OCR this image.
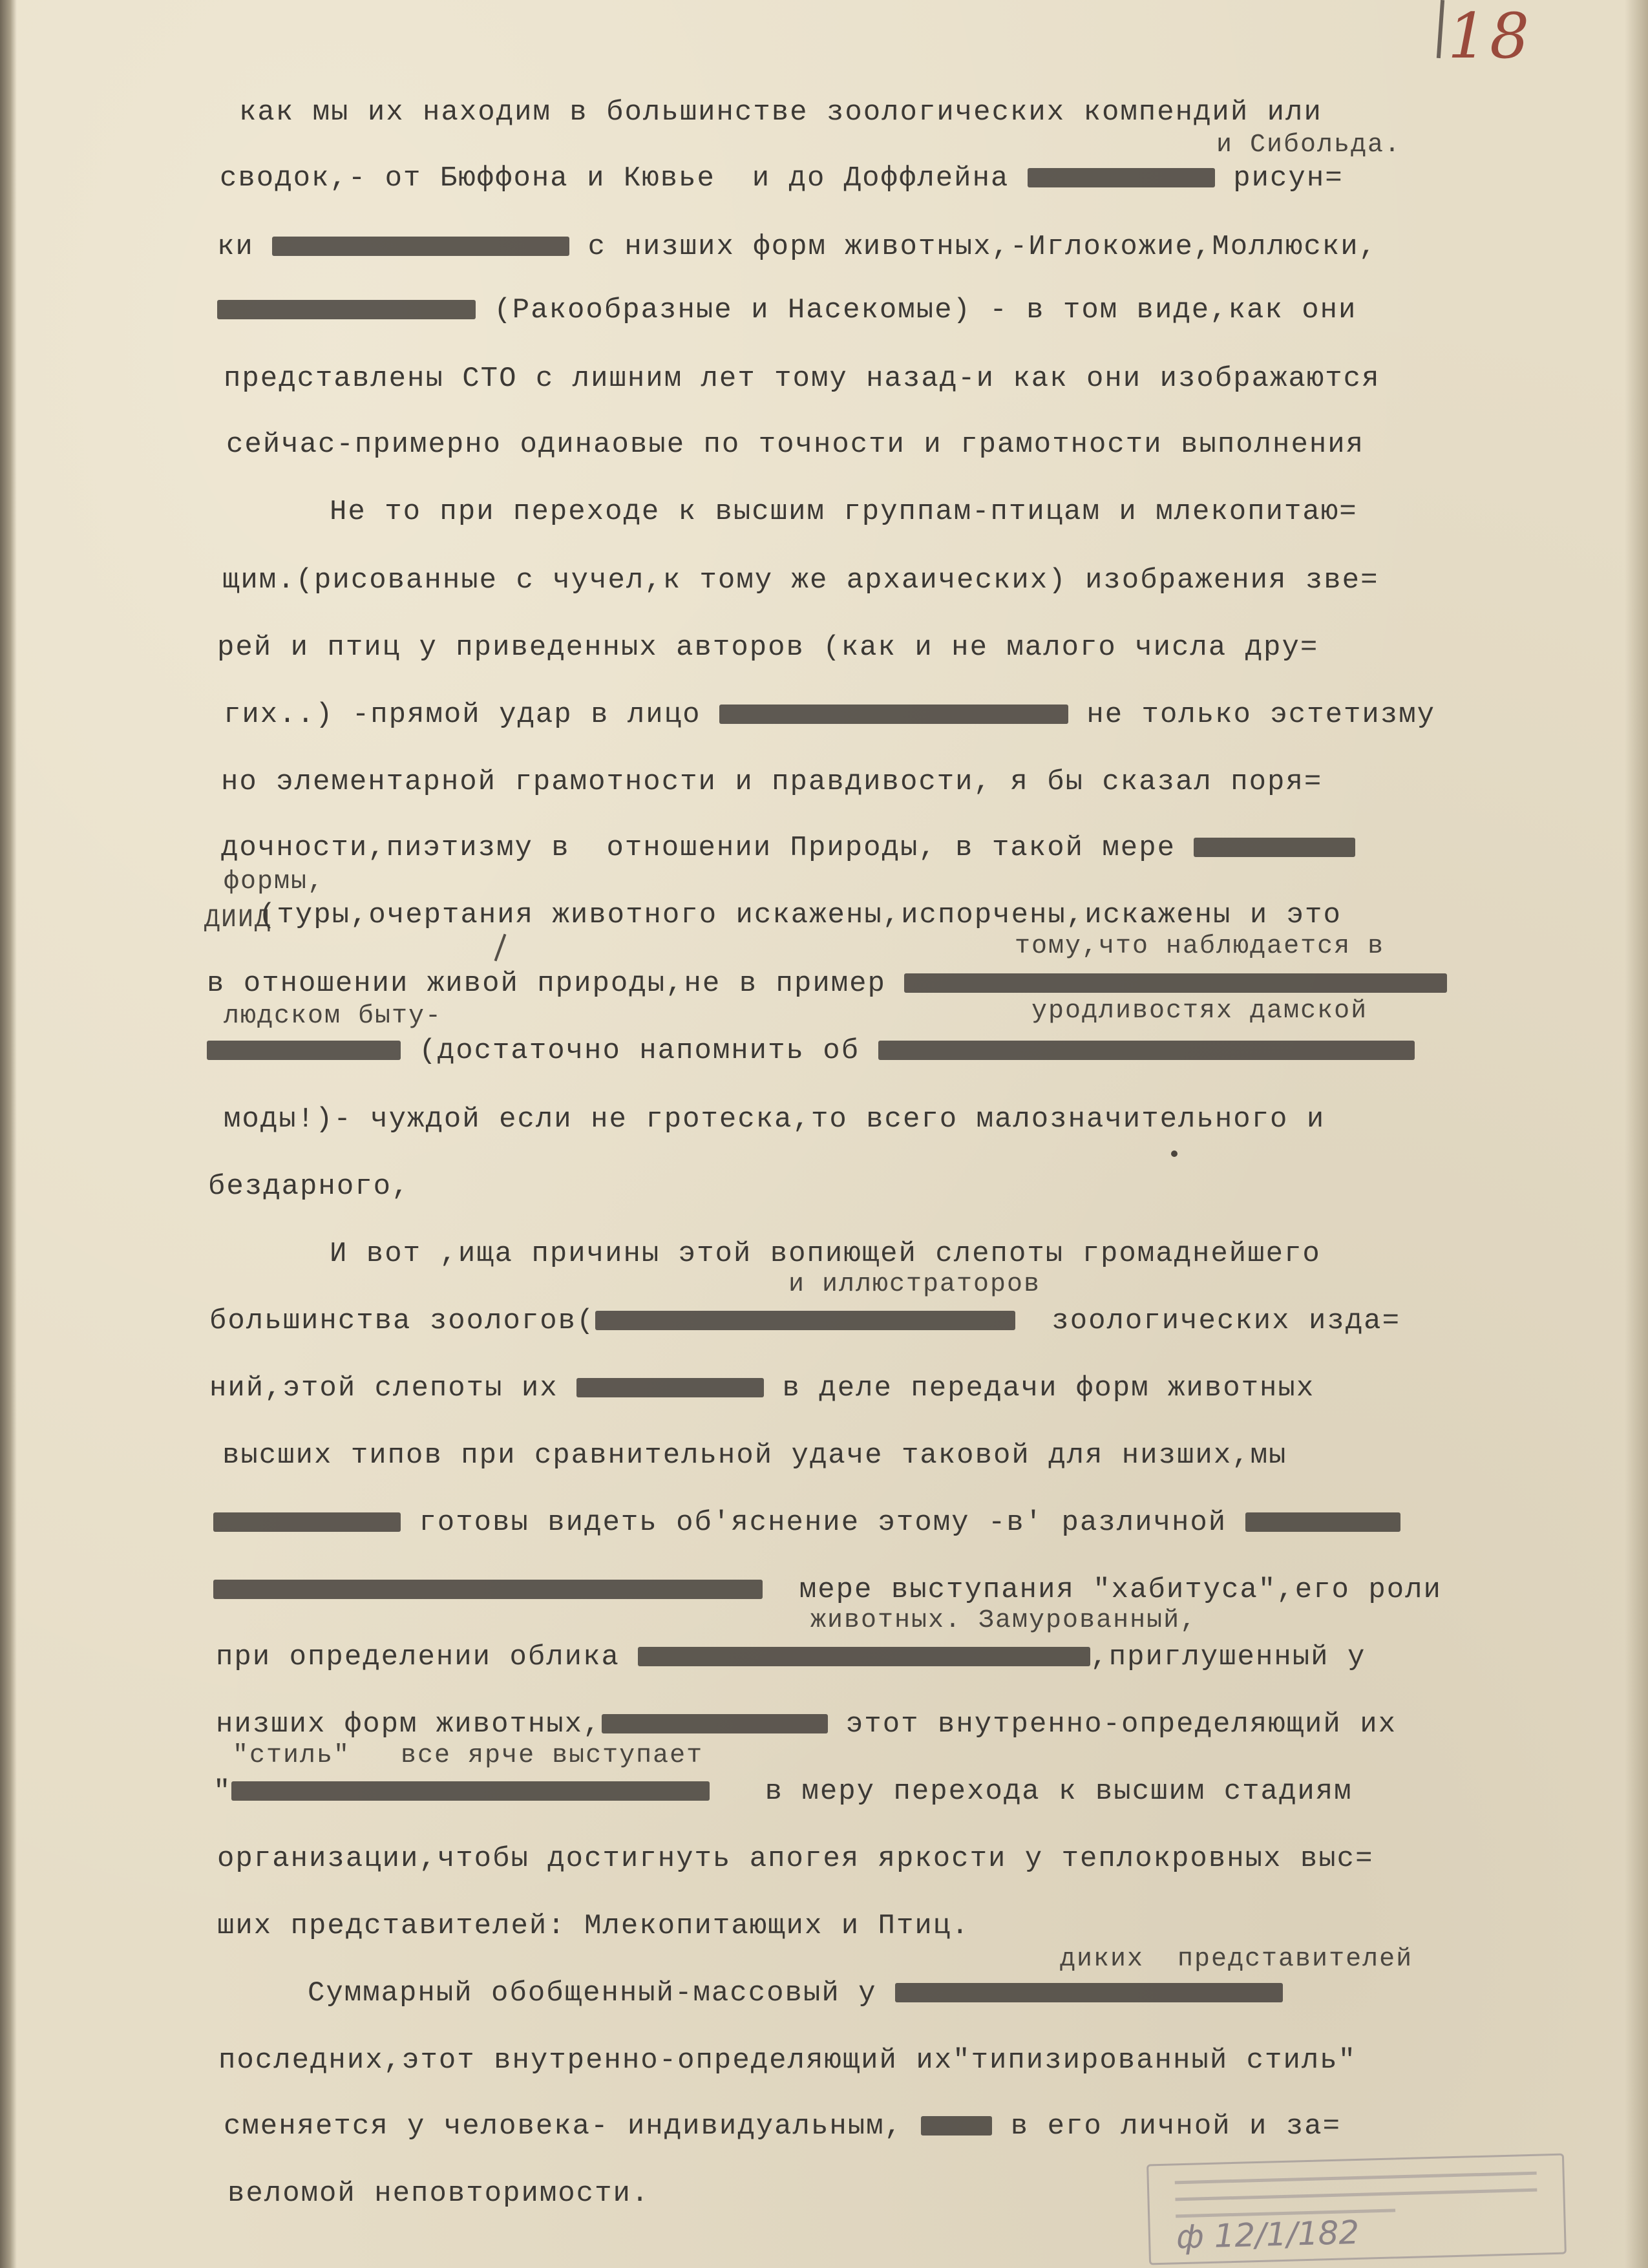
18

как мы их находим в большинстве зоологических компендий или

и Сибольда.

сводок,- от Бюффона и Кювье  и до Доффлейна	рисун=

ки	с низших форм животных,-Иглокожие,Моллюски,

(Ракообразные и Насекомые) - в том виде,как они

представлены СТО с лишним лет тому назад-и как они изображаются

сейчас-примерно одинаовые по точности и грамотности выполнения

Не то при переходе к высшим группам-птицам и млекопитаю=

щим.(рисованные с чучел,к тому же архаических) изображения зве=

рей и птиц у приведенных авторов (как и не малого числа дру=

гих..) -прямой удар в лицо	не только эстетизму

но элементарной грамотности и правдивости, я бы сказал поря=

дочности,пиэтизму в  отношении Природы, в такой мере

формы,

ДИИД

(туры,очертания животного искажены,испорчены,искажены и это

тому,что наблюдается в

в отношении живой природы,не в пример

людском быту-	уродливостях дамской

(достаточно напомнить об

моды!)- чуждой если не гротеска,то всего малозначительного и

бездарного,

И вот ,ища причины этой вопиющей слепоты громаднейшего

и иллюстраторов

большинства зоологов(	зоологических изда=

ний,этой слепоты их	в деле передачи форм животных

высших типов при сравнительной удаче таковой для низших,мы

готовы видеть об'яснение этому -в' различной

мере выступания "хабитуса",его роли

животных. Замурованный,

при определении облика	,приглушенный у

низших форм животных,	этот внутренно-определяющий их

"стиль"   все ярче выступает

"	в меру перехода к высшим стадиям

организации,чтобы достигнуть апогея яркости у теплокровных выс=

ших представителей: Млекопитающих и Птиц.

диких  представителей

Суммарный обобщенный-массовый у

последних,этот внутренно-определяющий их"типизированный стиль"

сменяется у человека- индивидуальным,	в его личной и за=

веломой неповторимости.

ф 12/1/182
